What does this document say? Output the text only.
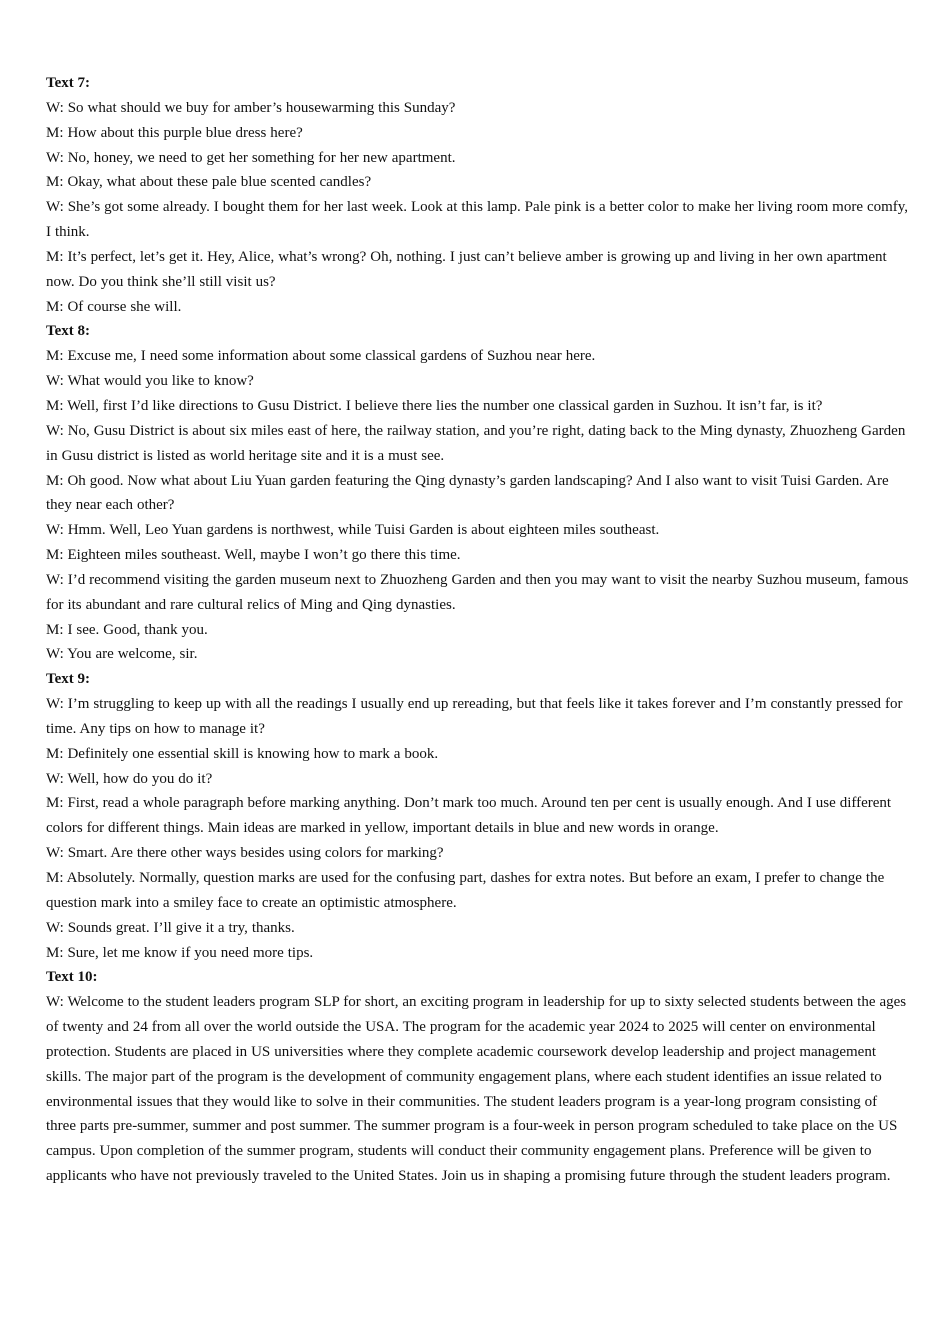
Text 7:

W: So what should we buy for amber’s housewarming this Sunday?

M: How about this purple blue dress here?

W: No, honey, we need to get her something for her new apartment.

M: Okay, what about these pale blue scented candles?

W: She’s got some already. I bought them for her last week. Look at this lamp. Pale pink is a better color to make her living room more comfy, I think.

M: It’s perfect, let’s get it. Hey, Alice, what’s wrong? Oh, nothing. I just can’t believe amber is growing up and living in her own apartment now. Do you think she’ll still visit us?

M: Of course she will.

Text 8:

M: Excuse me, I need some information about some classical gardens of Suzhou near here.

W: What would you like to know?

M: Well, first I’d like directions to Gusu District. I believe there lies the number one classical garden in Suzhou. It isn’t far, is it?

W: No, Gusu District is about six miles east of here, the railway station, and you’re right, dating back to the Ming dynasty, Zhuozheng Garden in Gusu district is listed as world heritage site and it is a must see.

M: Oh good. Now what about Liu Yuan garden featuring the Qing dynasty’s garden landscaping? And I also want to visit Tuisi Garden. Are they near each other?

W: Hmm. Well, Leo Yuan gardens is northwest, while Tuisi Garden is about eighteen miles southeast.

M: Eighteen miles southeast. Well, maybe I won’t go there this time.

W: I’d recommend visiting the garden museum next to Zhuozheng Garden and then you may want to visit the nearby Suzhou museum, famous for its abundant and rare cultural relics of Ming and Qing dynasties.

M: I see. Good, thank you.

W: You are welcome, sir.

Text 9:

W: I’m struggling to keep up with all the readings I usually end up rereading, but that feels like it takes forever and I’m constantly pressed for time. Any tips on how to manage it?

M: Definitely one essential skill is knowing how to mark a book.

W: Well, how do you do it?

M: First, read a whole paragraph before marking anything. Don’t mark too much. Around ten per cent is usually enough. And I use different colors for different things. Main ideas are marked in yellow, important details in blue and new words in orange.

W: Smart. Are there other ways besides using colors for marking?

M: Absolutely. Normally, question marks are used for the confusing part, dashes for extra notes. But before an exam, I prefer to change the question mark into a smiley face to create an optimistic atmosphere.

W: Sounds great. I’ll give it a try, thanks.

M: Sure, let me know if you need more tips.

Text 10:

W: Welcome to the student leaders program SLP for short, an exciting program in leadership for up to sixty selected students between the ages of twenty and 24 from all over the world outside the USA. The program for the academic year 2024 to 2025 will center on environmental protection. Students are placed in US universities where they complete academic coursework develop leadership and project management skills. The major part of the program is the development of community engagement plans, where each student identifies an issue related to environmental issues that they would like to solve in their communities. The student leaders program is a year-long program consisting of three parts pre-summer, summer and post summer. The summer program is a four-week in person program scheduled to take place on the US campus. Upon completion of the summer program, students will conduct their community engagement plans. Preference will be given to applicants who have not previously traveled to the United States. Join us in shaping a promising future through the student leaders program.
